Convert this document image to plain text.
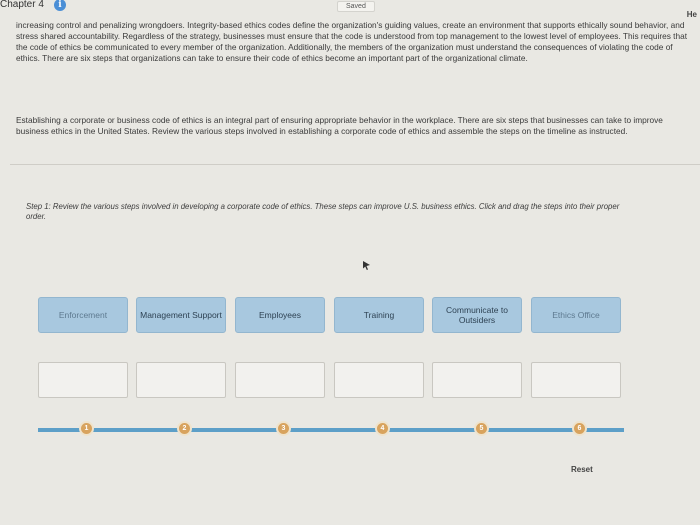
Chapter 4	i	Saved
He
increasing control and penalizing wrongdoers. Integrity-based ethics codes define the organization's guiding values, create an environment that supports ethically sound behavior, and stress shared accountability. Regardless of the strategy, businesses must ensure that the code is understood from top management to the lowest level of employees. This requires that the code of ethics be communicated to every member of the organization. Additionally, the members of the organization must understand the consequences of violating the code of ethics. There are six steps that organizations can take to ensure their code of ethics become an important part of the organizational climate.
Establishing a corporate or business code of ethics is an integral part of ensuring appropriate behavior in the workplace. There are six steps that businesses can take to improve business ethics in the United States. Review the various steps involved in establishing a corporate code of ethics and assemble the steps on the timeline as instructed.
Step 1: Review the various steps involved in developing a corporate code of ethics. These steps can improve U.S. business ethics. Click and drag the steps into their proper order.
Enforcement	Management Support	Employees	Training	Communicate to Outsiders	Ethics Office
1	2	3	4	5	6
Reset
